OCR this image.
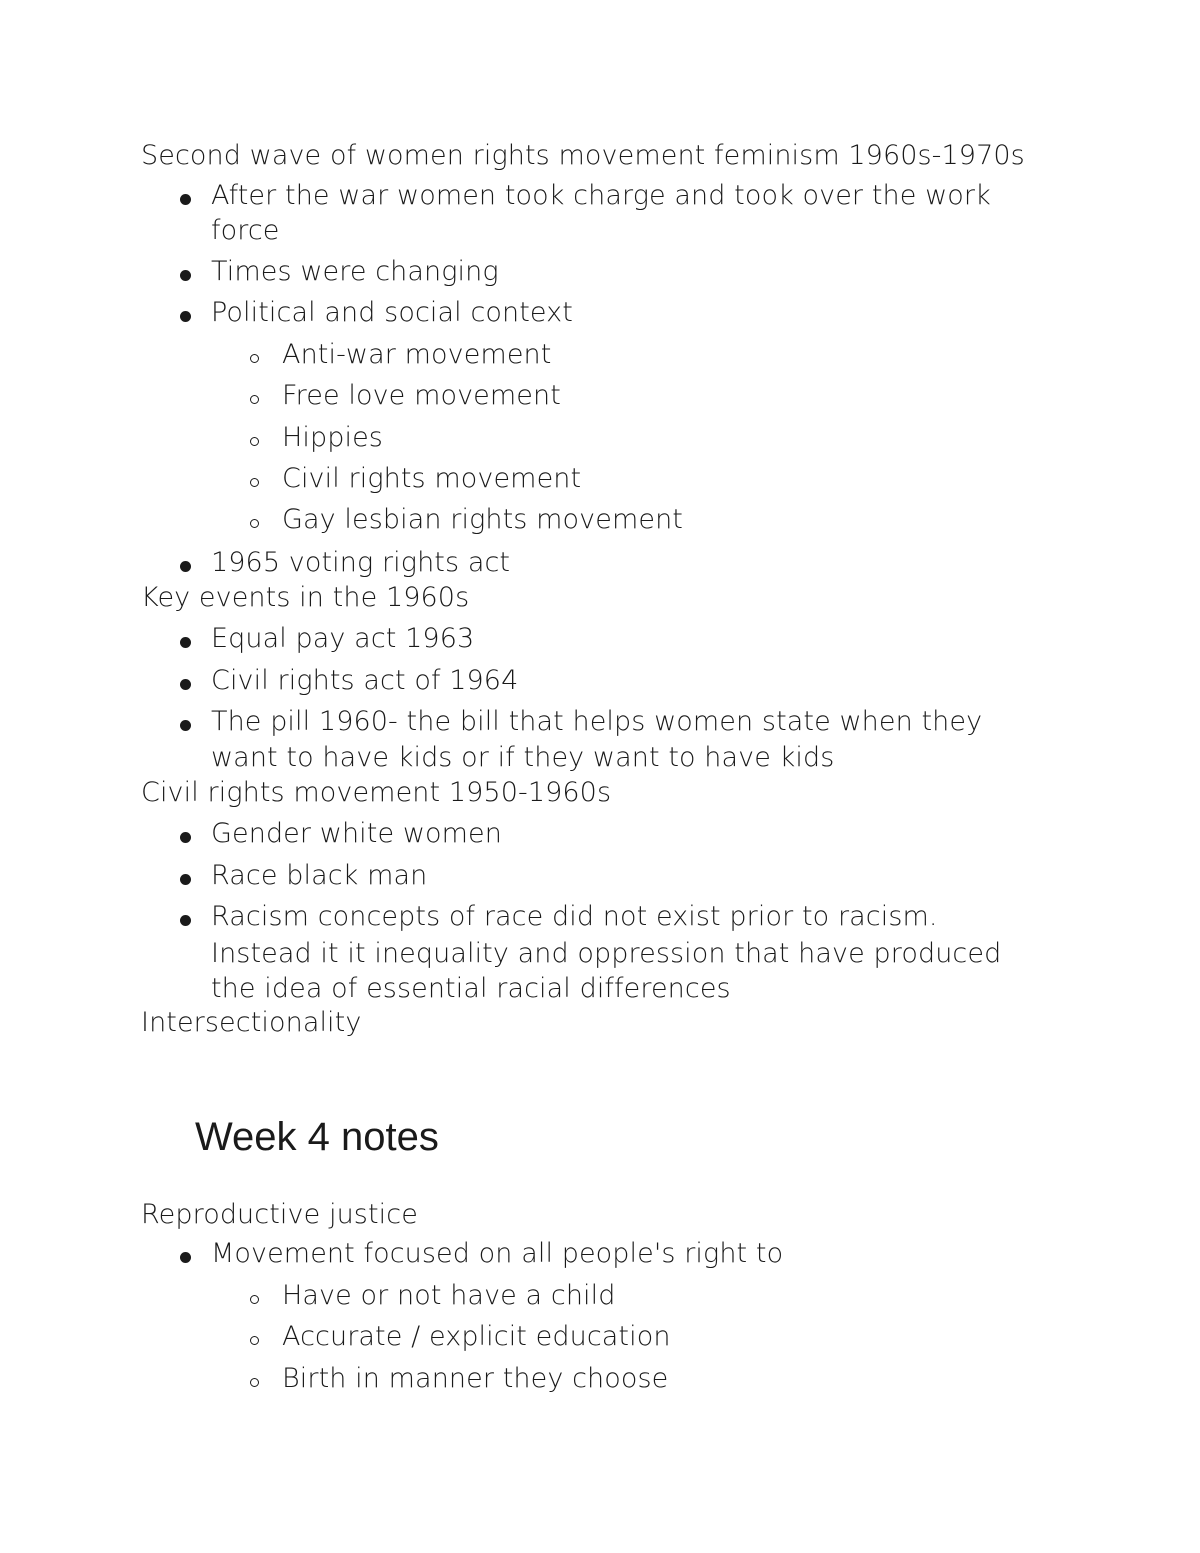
Second wave of women rights movement feminism 1960s-1970s
After the war women took charge and took over the work
force
Times were changing
Political and social context
Anti-war movement
Free love movement
Hippies
Civil rights movement
Gay lesbian rights movement
1965 voting rights act
Key events in the 1960s
Equal pay act 1963
Civil rights act of 1964
The pill 1960- the bill that helps women state when they
want to have kids or if they want to have kids
Civil rights movement 1950-1960s
Gender white women
Race black man
Racism concepts of race did not exist prior to racism.
Instead it it inequality and oppression that have produced
the idea of essential racial differences
Intersectionality
Week 4 notes
Reproductive justice
Movement focused on all people's right to
Have or not have a child
Accurate / explicit education
Birth in manner they choose
